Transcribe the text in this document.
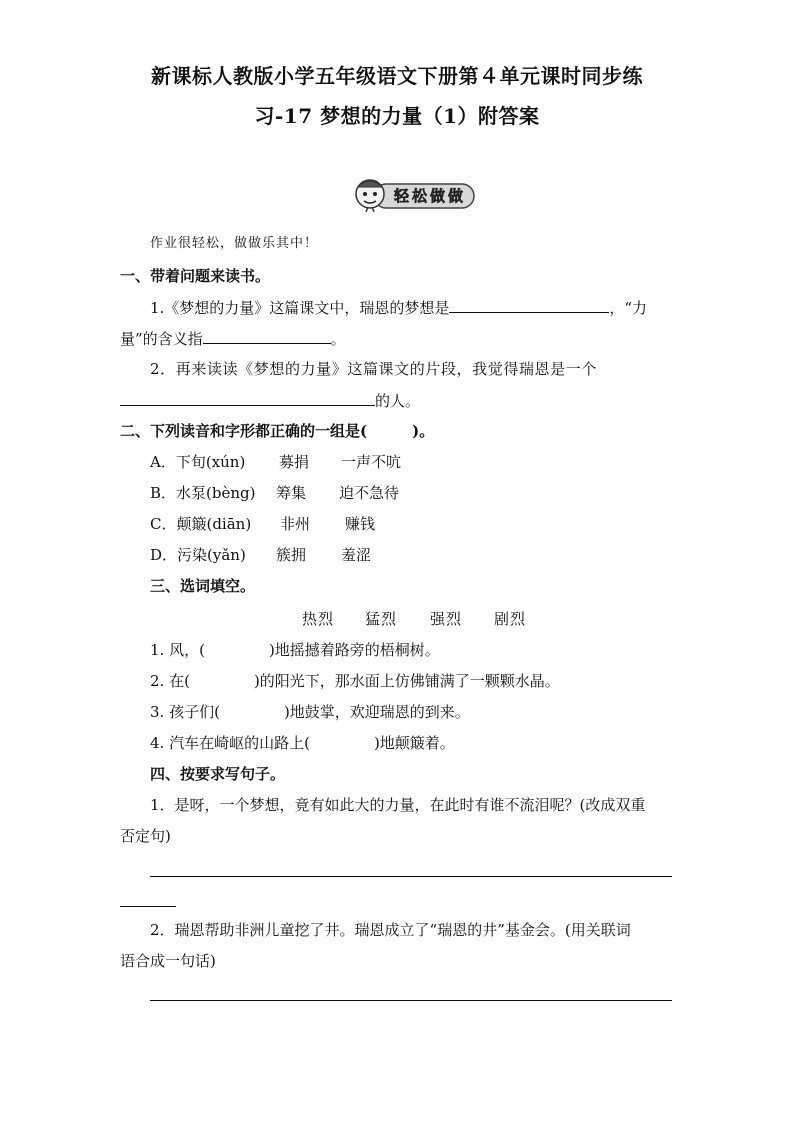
新课标人教版小学五年级语文下册第４单元课时同步练
习-17 梦想的力量（1）附答案
轻松做做
作业很轻松，做做乐其中！
一、带着问题来读书。
1.《梦想的力量》这篇课文中，瑞恩的梦想是	，“力
量”的含义指	。
2．再来读读《梦想的力量》这篇课文的片段，我觉得瑞恩是一个
的人。
二、下列读音和字形都正确的一组是(　　　)。
A．下旬(xún) 募捐 一声不吭
B．水泵(bèng) 筹集 迫不急待
C．颠簸(diān) 非州 赚钱
D．污染(yǎn) 簇拥 羞涩
三、选词填空。
热烈 猛烈 强烈 剧烈
1. 风，(	)地摇撼着路旁的梧桐树。
2. 在(	)的阳光下，那水面上仿佛铺满了一颗颗水晶。
3. 孩子们(	)地鼓掌，欢迎瑞恩的到来。
4. 汽车在崎岖的山路上(	)地颠簸着。
四、按要求写句子。
1．是呀，一个梦想，竟有如此大的力量，在此时有谁不流泪呢？(改成双重
否定句)
2．瑞恩帮助非洲儿童挖了井。瑞恩成立了“瑞恩的井”基金会。(用关联词
语合成一句话)
